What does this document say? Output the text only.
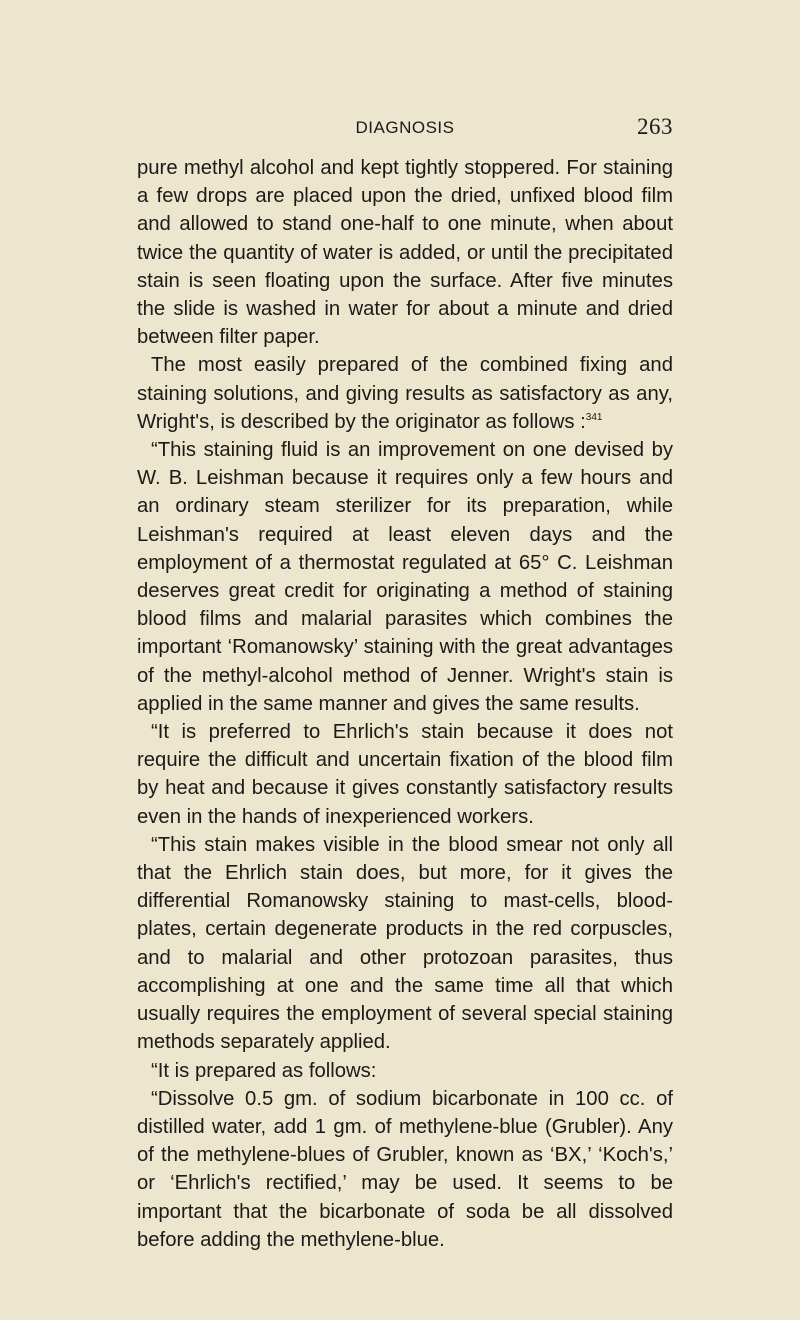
DIAGNOSIS	263

pure methyl alcohol and kept tightly stoppered. For staining a few drops are placed upon the dried, unfixed blood film and allowed to stand one-half to one minute, when about twice the quantity of water is added, or until the precipitated stain is seen floating upon the surface. After five minutes the slide is washed in water for about a minute and dried between filter paper.

The most easily prepared of the combined fixing and staining solutions, and giving results as satisfactory as any, Wright's, is described by the originator as follows :$^{341}$

“This staining fluid is an improvement on one devised by W. B. Leishman because it requires only a few hours and an ordinary steam sterilizer for its preparation, while Leishman's required at least eleven days and the employment of a thermostat regulated at 65° C. Leishman deserves great credit for originating a method of staining blood films and malarial parasites which combines the important ‘Romanowsky’ staining with the great advantages of the methyl-alcohol method of Jenner. Wright's stain is applied in the same manner and gives the same results.

“It is preferred to Ehrlich's stain because it does not require the difficult and uncertain fixation of the blood film by heat and because it gives constantly satisfactory results even in the hands of inexperienced workers.

“This stain makes visible in the blood smear not only all that the Ehrlich stain does, but more, for it gives the differential Romanowsky staining to mast-cells, blood-plates, certain degenerate products in the red corpuscles, and to malarial and other protozoan parasites, thus accomplishing at one and the same time all that which usually requires the employment of several special staining methods separately applied.

“It is prepared as follows:

“Dissolve 0.5 gm. of sodium bicarbonate in 100 cc. of distilled water, add 1 gm. of methylene-blue (Grubler). Any of the methylene-blues of Grubler, known as ‘BX,’ ‘Koch's,’ or ‘Ehrlich's rectified,’ may be used. It seems to be important that the bicarbonate of soda be all dissolved before adding the methylene-blue.
